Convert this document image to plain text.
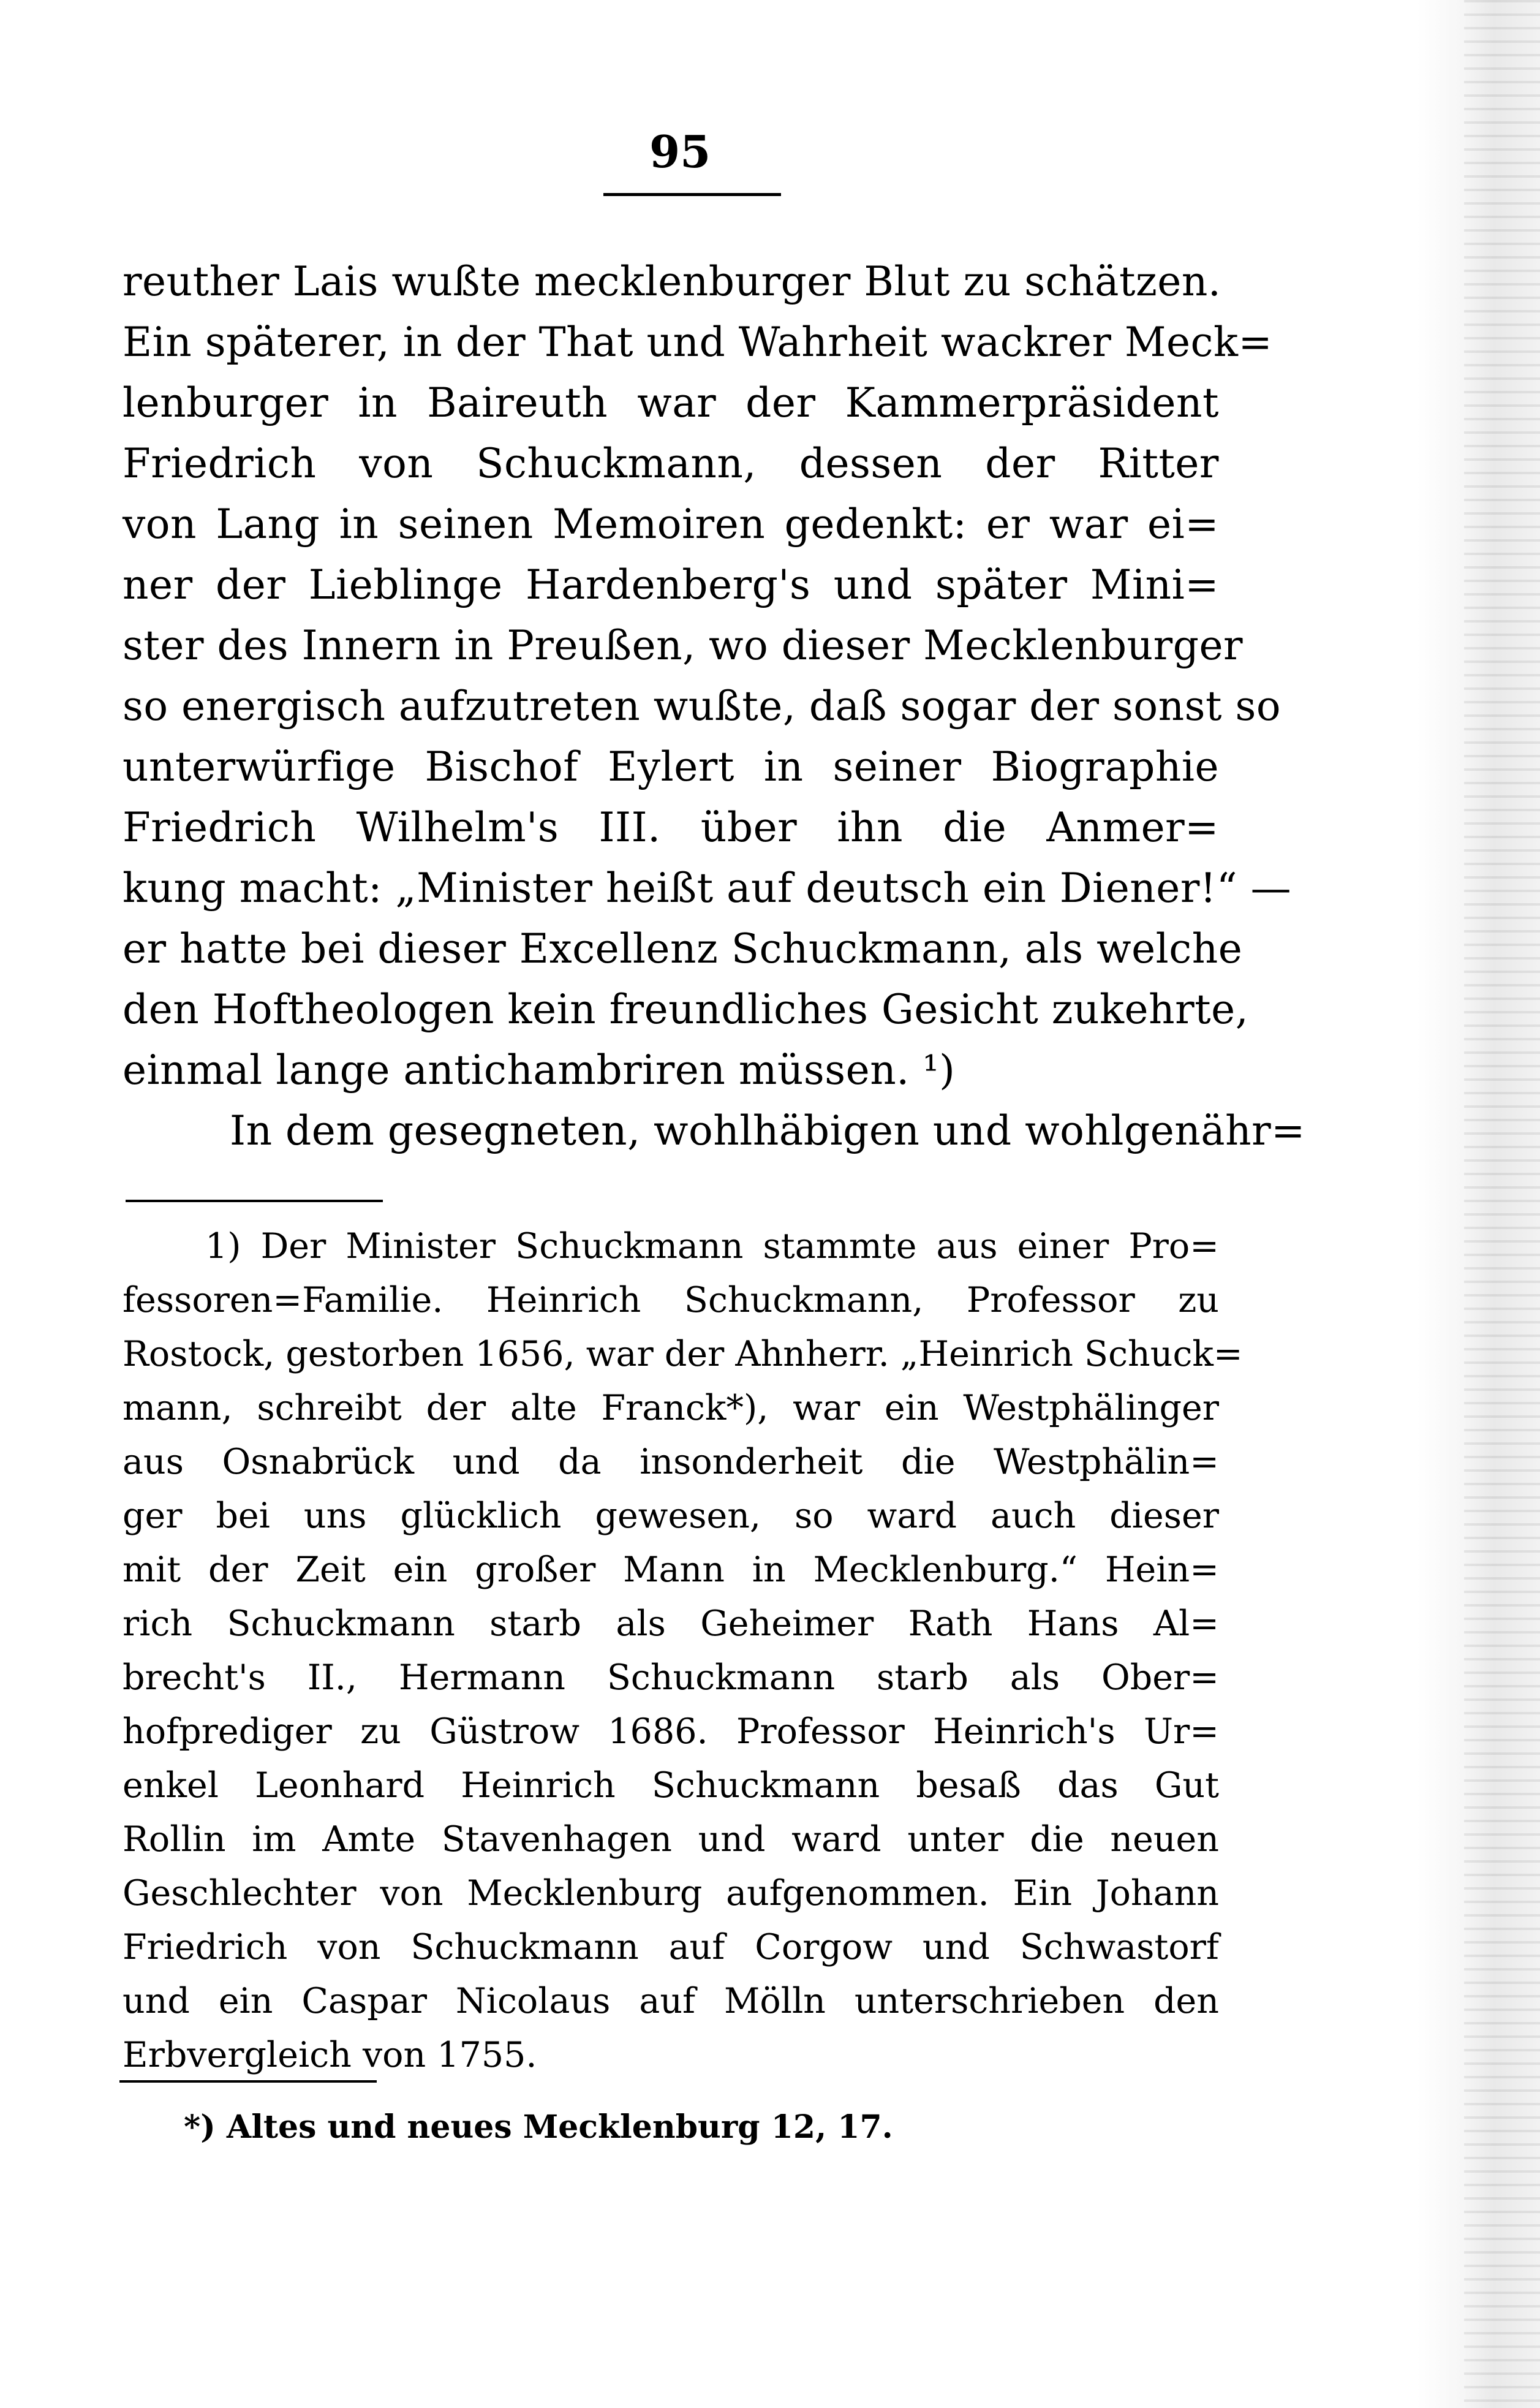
95
reuther Lais wußte mecklenburger Blut zu schätzen.
Ein späterer, in der That und Wahrheit wackrer Meck=
lenburger in Baireuth war der Kammerpräsident
Friedrich von Schuckmann, dessen der Ritter
von Lang in seinen Memoiren gedenkt: er war ei=
ner der Lieblinge Hardenberg's und später Mini=
ster des Innern in Preußen, wo dieser Mecklenburger
so energisch aufzutreten wußte, daß sogar der sonst so
unterwürfige Bischof Eylert in seiner Biographie
Friedrich Wilhelm's III. über ihn die Anmer=
kung macht: „Minister heißt auf deutsch ein Diener!“ —
er hatte bei dieser Excellenz Schuckmann, als welche
den Hoftheologen kein freundliches Gesicht zukehrte,
einmal lange antichambriren müssen. ¹)
In dem gesegneten, wohlhäbigen und wohlgenähr=
1) Der Minister Schuckmann stammte aus einer Pro=
fessoren=Familie. Heinrich Schuckmann, Professor zu
Rostock, gestorben 1656, war der Ahnherr. „Heinrich Schuck=
mann, schreibt der alte Franck*), war ein Westphälinger
aus Osnabrück und da insonderheit die Westphälin=
ger bei uns glücklich gewesen, so ward auch dieser
mit der Zeit ein großer Mann in Mecklenburg.“ Hein=
rich Schuckmann starb als Geheimer Rath Hans Al=
brecht's II., Hermann Schuckmann starb als Ober=
hofprediger zu Güstrow 1686. Professor Heinrich's Ur=
enkel Leonhard Heinrich Schuckmann besaß das Gut
Rollin im Amte Stavenhagen und ward unter die neuen
Geschlechter von Mecklenburg aufgenommen. Ein Johann
Friedrich von Schuckmann auf Corgow und Schwastorf
und ein Caspar Nicolaus auf Mölln unterschrieben den
Erbvergleich von 1755.
*) Altes und neues Mecklenburg 12, 17.
